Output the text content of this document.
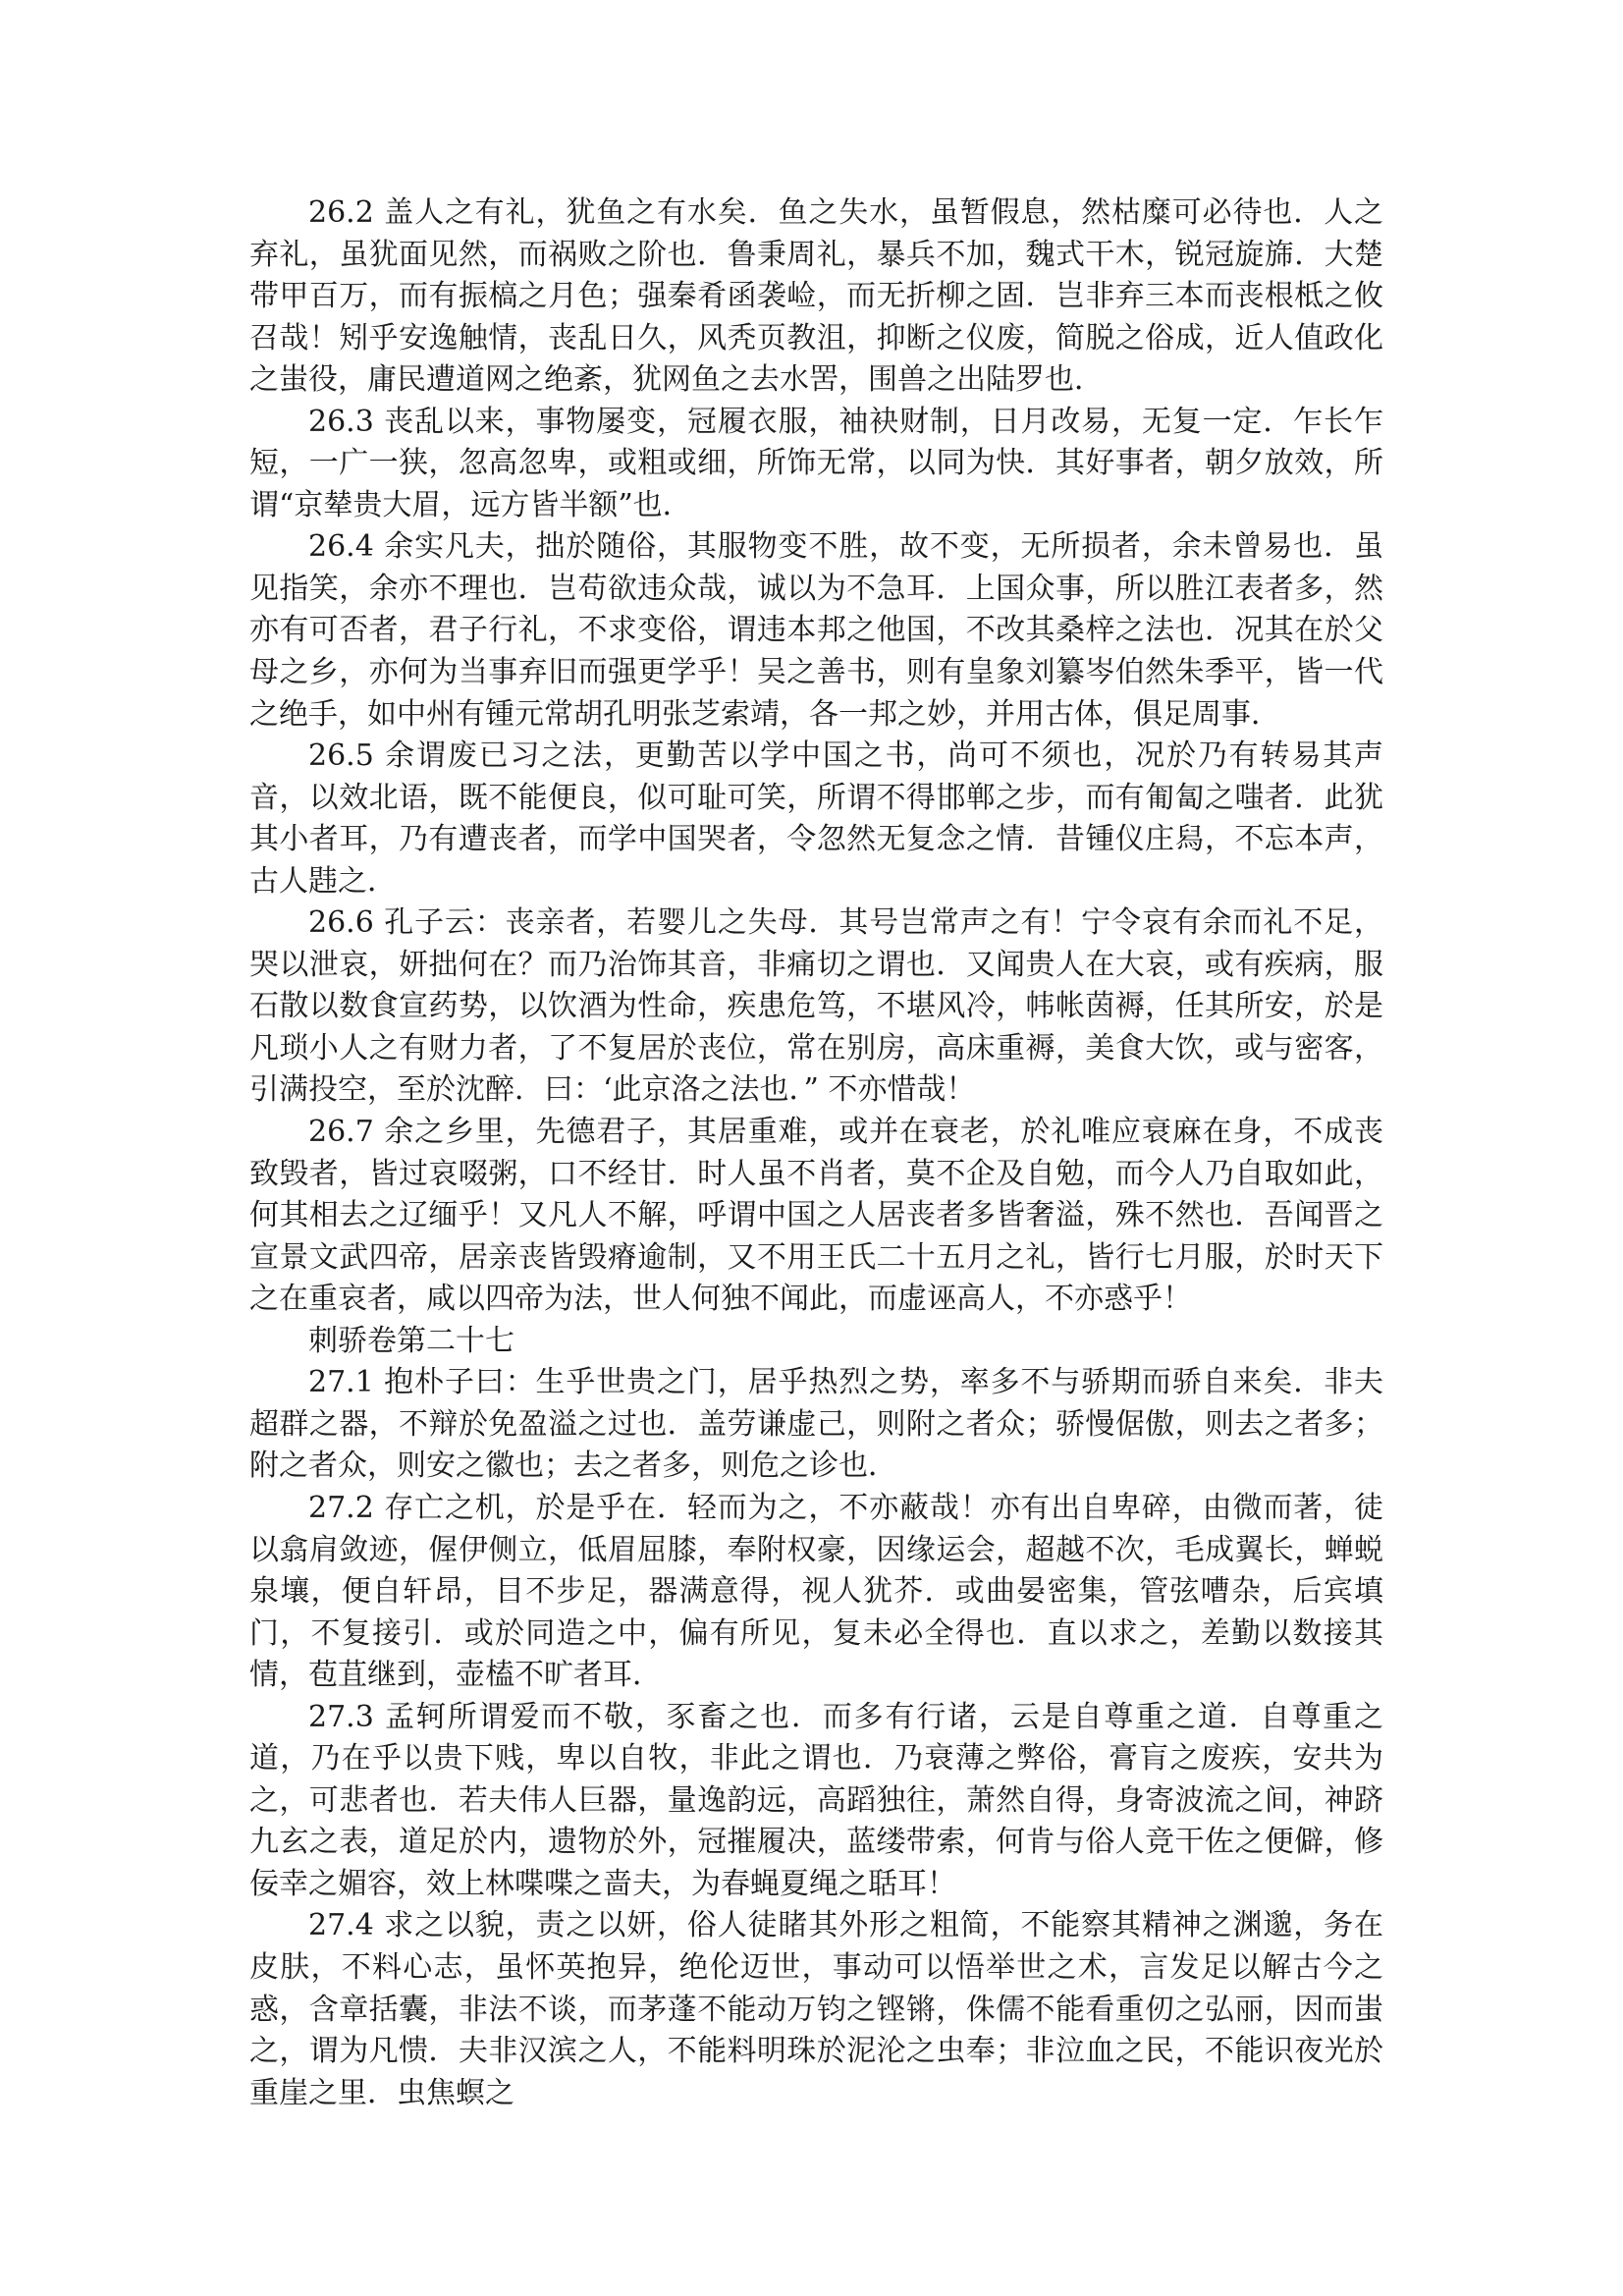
26.2 盖人之有礼，犹鱼之有水矣．鱼之失水，虽暂假息，然枯糜可必待也．人之弃礼，虽犹面见然，而祸败之阶也．鲁秉周礼，暴兵不加，魏式干木，锐冠旋旆．大楚带甲百万，而有振槁之月色；强秦肴函袭崄，而无折柳之固．岂非弃三本而丧根柢之攸召哉！矧乎安逸触情，丧乱日久，风秃页教沮，抑断之仪废，简脱之俗成，近人值政化之蚩役，庸民遭道网之绝紊，犹网鱼之去水罟，围兽之出陆罗也．

26.3 丧乱以来，事物屡变，冠履衣服，袖袂财制，日月改易，无复一定．乍长乍短，一广一狭，忽高忽卑，或粗或细，所饰无常，以同为快．其好事者，朝夕放效，所谓“京辇贵大眉，远方皆半额”也．

26.4 余实凡夫，拙於随俗，其服物变不胜，故不变，无所损者，余未曾易也．虽见指笑，余亦不理也．岂苟欲违众哉，诚以为不急耳．上国众事，所以胜江表者多，然亦有可否者，君子行礼，不求变俗，谓违本邦之他国，不改其桑梓之法也．况其在於父母之乡，亦何为当事弃旧而强更学乎！吴之善书，则有皇象刘纂岑伯然朱季平，皆一代之绝手，如中州有锺元常胡孔明张芝索靖，各一邦之妙，并用古体，俱足周事．

26.5 余谓废已习之法，更勤苦以学中国之书，尚可不须也，况於乃有转易其声音，以效北语，既不能便良，似可耻可笑，所谓不得邯郸之步，而有匍匐之嗤者．此犹其小者耳，乃有遭丧者，而学中国哭者，令忽然无复念之情．昔锺仪庄舄，不忘本声，古人韪之．

26.6 孔子云：丧亲者，若婴儿之失母．其号岂常声之有！宁令哀有余而礼不足，哭以泄哀，妍拙何在？而乃治饰其音，非痛切之谓也．又闻贵人在大哀，或有疾病，服石散以数食宣药势，以饮酒为性命，疾患危笃，不堪风冷，帏帐茵褥，任其所安，於是凡琐小人之有财力者，了不复居於丧位，常在别房，高床重褥，美食大饮，或与密客，引满投空，至於沈醉．曰：‘此京洛之法也．” 不亦惜哉！

26.7 余之乡里，先德君子，其居重难，或并在衰老，於礼唯应衰麻在身，不成丧致毁者，皆过哀啜粥，口不经甘．时人虽不肖者，莫不企及自勉，而今人乃自取如此，何其相去之辽缅乎！又凡人不解，呼谓中国之人居丧者多皆奢溢，殊不然也．吾闻晋之宣景文武四帝，居亲丧皆毁瘠逾制，又不用王氏二十五月之礼，皆行七月服，於时天下之在重哀者，咸以四帝为法，世人何独不闻此，而虚诬高人，不亦惑乎！

刺骄卷第二十七

27.1 抱朴子曰：生乎世贵之门，居乎热烈之势，率多不与骄期而骄自来矣．非夫超群之器，不辩於免盈溢之过也．盖劳谦虚己，则附之者众；骄慢倨傲，则去之者多；附之者众，则安之徽也；去之者多，则危之诊也．

27.2 存亡之机，於是乎在．轻而为之，不亦蔽哉！亦有出自卑碎，由微而著，徒以翕肩敛迹，偓伊侧立，低眉屈膝，奉附权豪，因缘运会，超越不次，毛成翼长，蝉蜕泉壤，便自轩昂，目不步足，器满意得，视人犹芥．或曲晏密集，管弦嘈杂，后宾填门，不复接引．或於同造之中，偏有所见，复未必全得也．直以求之，差勤以数接其情，苞苴继到，壶榼不旷者耳．

27.3 孟轲所谓爱而不敬，豕畜之也．而多有行诸，云是自尊重之道．自尊重之道，乃在乎以贵下贱，卑以自牧，非此之谓也．乃衰薄之弊俗，膏肓之废疾，安共为之，可悲者也．若夫伟人巨器，量逸韵远，高蹈独往，萧然自得，身寄波流之间，神跻九玄之表，道足於内，遗物於外，冠摧履决，蓝缕带索，何肯与俗人竞干佐之便僻，修佞幸之媚容，效上林喋喋之啬夫，为春蝇夏绳之聒耳！

27.4 求之以貌，责之以妍，俗人徒睹其外形之粗简，不能察其精神之渊邈，务在皮肤，不料心志，虽怀英抱异，绝伦迈世，事动可以悟举世之术，言发足以解古今之惑，含章括囊，非法不谈，而茅蓬不能动万钧之铿锵，侏儒不能看重仞之弘丽，因而蚩之，谓为凡愦．夫非汉滨之人，不能料明珠於泥沦之虫奉；非泣血之民，不能识夜光於重崖之里．虫焦螟之
